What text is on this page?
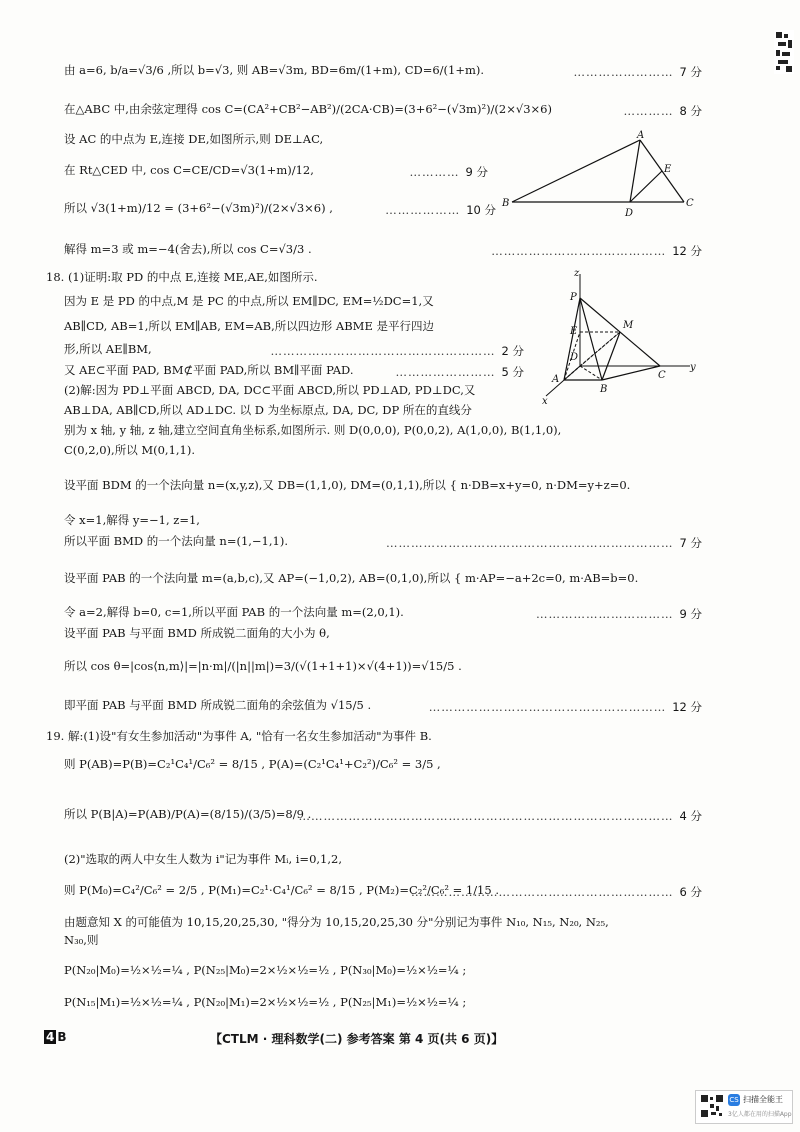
由 a=6, b/a=√3/6 ,所以 b=√3, 则 AB=√3m, BD=6m/(1+m), CD=6/(1+m).
在△ABC 中,由余弦定理得 cos C=(CA²+CB²−AB²)/(2CA·CB)=(3+6²−(√3m)²)/(2×√3×6)
设 AC 的中点为 E,连接 DE,如图所示,则 DE⊥AC,
在 Rt△CED 中, cos C=CE/CD=√3(1+m)/12,
所以 √3(1+m)/12 = (3+6²−(√3m)²)/(2×√3×6) ,
解得 m=3 或 m=−4(舍去),所以 cos C=√3/3 .
18. (1)证明:取 PD 的中点 E,连接 ME,AE,如图所示.
因为 E 是 PD 的中点,M 是 PC 的中点,所以 EM∥DC, EM=½DC=1,又
AB∥CD, AB=1,所以 EM∥AB, EM=AB,所以四边形 ABME 是平行四边
形,所以 AE∥BM,
又 AE⊂平面 PAD, BM⊄平面 PAD,所以 BM∥平面 PAD.
(2)解:因为 PD⊥平面 ABCD, DA, DC⊂平面 ABCD,所以 PD⊥AD, PD⊥DC,又
AB⊥DA, AB∥CD,所以 AD⊥DC. 以 D 为坐标原点, DA, DC, DP 所在的直线分
别为 x 轴, y 轴, z 轴,建立空间直角坐标系,如图所示. 则 D(0,0,0), P(0,0,2), A(1,0,0), B(1,1,0),
C(0,2,0),所以 M(0,1,1).
设平面 BDM 的一个法向量 n=(x,y,z),又 DB=(1,1,0), DM=(0,1,1),所以 { n·DB=x+y=0, n·DM=y+z=0.
令 x=1,解得 y=−1, z=1,
所以平面 BMD 的一个法向量 n=(1,−1,1).
设平面 PAB 的一个法向量 m=(a,b,c),又 AP=(−1,0,2), AB=(0,1,0),所以 { m·AP=−a+2c=0, m·AB=b=0.
令 a=2,解得 b=0, c=1,所以平面 PAB 的一个法向量 m=(2,0,1).
设平面 PAB 与平面 BMD 所成锐二面角的大小为 θ,
所以 cos θ=|cos⟨n,m⟩|=|n·m|/(|n||m|)=3/(√(1+1+1)×√(4+1))=√15/5 .
即平面 PAB 与平面 BMD 所成锐二面角的余弦值为 √15/5 .
19. 解:(1)设"有女生参加活动"为事件 A, "恰有一名女生参加活动"为事件 B.
则 P(AB)=P(B)=C₂¹C₄¹/C₆² = 8/15 , P(A)=(C₂¹C₄¹+C₂²)/C₆² = 3/5 ,
所以 P(B|A)=P(AB)/P(A)=(8/15)/(3/5)=8/9 .
(2)"选取的两人中女生人数为 i"记为事件 Mᵢ, i=0,1,2,
则 P(M₀)=C₄²/C₆² = 2/5 , P(M₁)=C₂¹·C₄¹/C₆² = 8/15 , P(M₂)=C₂²/C₆² = 1/15 .
由题意知 X 的可能值为 10,15,20,25,30, "得分为 10,15,20,25,30 分"分别记为事件 N₁₀, N₁₅, N₂₀, N₂₅,
N₃₀,则
P(N₂₀|M₀)=½×½=¼ , P(N₂₅|M₀)=2×½×½=½ , P(N₃₀|M₀)=½×½=¼ ;
P(N₁₅|M₁)=½×½=¼ , P(N₂₀|M₁)=2×½×½=½ , P(N₂₅|M₁)=½×½=¼ ;
…………………… 7 分
………… 8 分
………… 9 分
……………… 10 分
…………………………………… 12 分
……………………………………………… 2 分
…………………… 5 分
…………………………………………………………… 7 分
…………………………… 9 分
………………………………………………… 12 分
……………………………………………………………………………… 4 分
……………………………………………………… 6 分
B
A
C
D
E
z
P
M
E
D
A
B
C
y
x
4 B	【CTLM · 理科数学(二) 参考答案 第 4 页(共 6 页)】
CS 扫描全能王
3亿人都在用的扫描App
